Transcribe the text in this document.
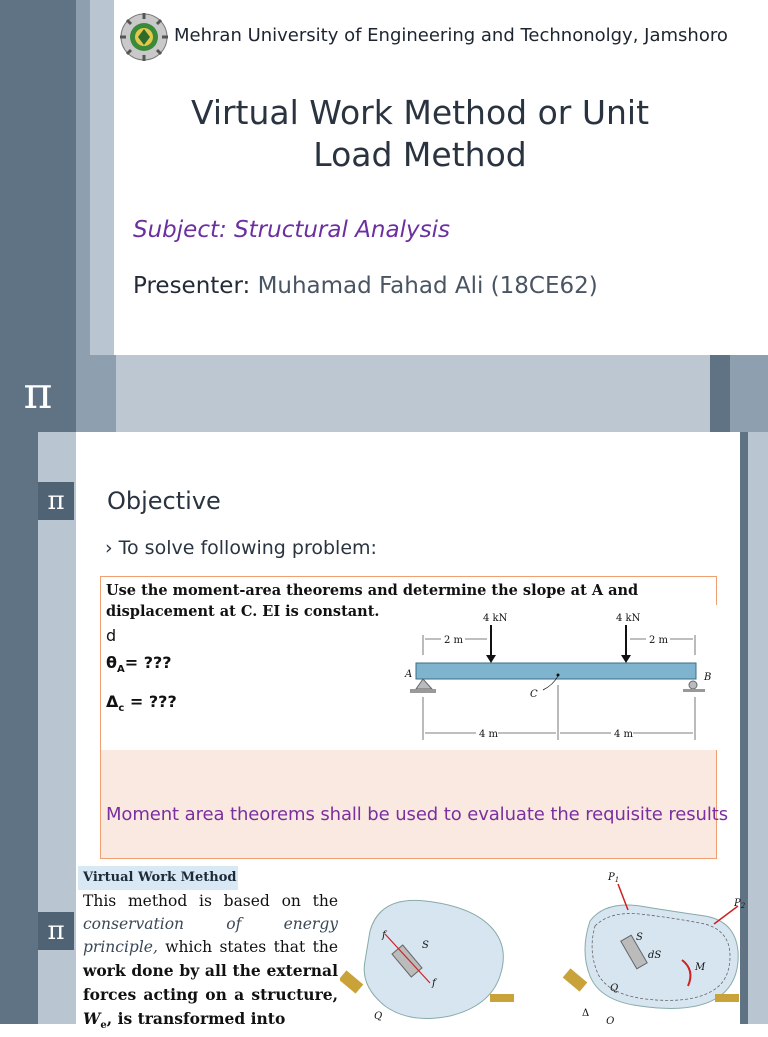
Mehran University of Engineering and Technonolgy, Jamshoro
Virtual Work Method or Unit
Load Method
Subject: Structural Analysis
Presenter: Muhamad Fahad Ali (18CE62)
π
π	Objective
› To solve following problem:
Use the moment-area theorems and determine the slope at A and
displacement at C. EI is constant.
d
$\theta_A=$ ???
$\Delta_c$ = ???
4 kN	4 kN
2 m	2 m
A	B
C
4 m	4 m
Moment area theorems shall be used to evaluate the requisite results
π
Virtual Work Method
This method is based on the conservation of energy principle, which states that the work done by all the external forces acting on a structure, $W_e$, is transformed into
f
S
f
Q
$P_1$
$P_2$
S
dS
M
Q
Q
Δ
